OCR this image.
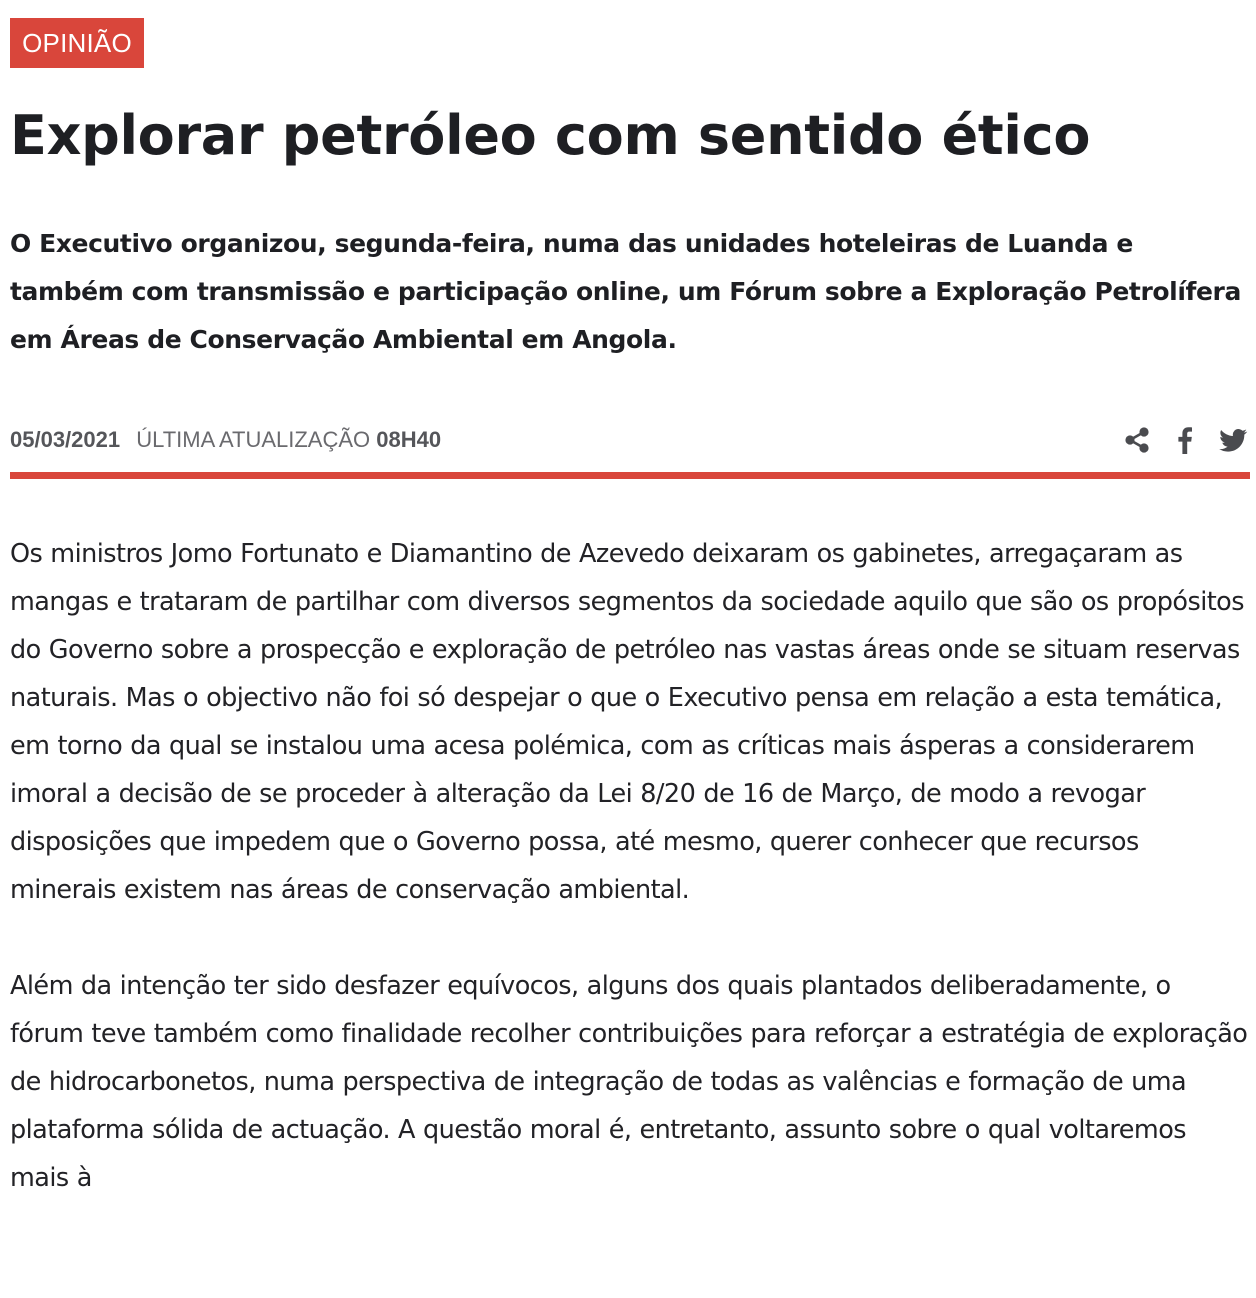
OPINIÃO
Explorar petróleo com sentido ético

O Executivo organizou, segunda-feira, numa das unidades hoteleiras de Luanda e também com transmissão e participação online, um Fórum sobre a Exploração Petrolífera em Áreas de Conservação Ambiental em Angola.

05/03/2021 ÚLTIMA ATUALIZAÇÃO 08H40

Os ministros Jomo Fortunato e Diamantino de Azevedo deixaram os gabinetes, arregaçaram as mangas e trataram de partilhar com diversos segmentos da sociedade aquilo que são os propósitos do Governo sobre a prospecção e exploração de petróleo nas vastas áreas onde se situam reservas naturais. Mas o objectivo não foi só despejar o que o Executivo pensa em relação a esta temática, em torno da qual se instalou uma acesa polémica, com as críticas mais ásperas a considerarem imoral a decisão de se proceder à alteração da Lei 8/20 de 16 de Março, de modo a revogar disposições que impedem que o Governo possa, até mesmo, querer conhecer que recursos minerais existem nas áreas de conservação ambiental.

Além da intenção ter sido desfazer equívocos, alguns dos quais plantados deliberadamente, o fórum teve também como finalidade recolher contribuições para reforçar a estratégia de exploração de hidrocarbonetos, numa perspectiva de integração de todas as valências e formação de uma plataforma sólida de actuação. A questão moral é, entretanto, assunto sobre o qual voltaremos mais à
